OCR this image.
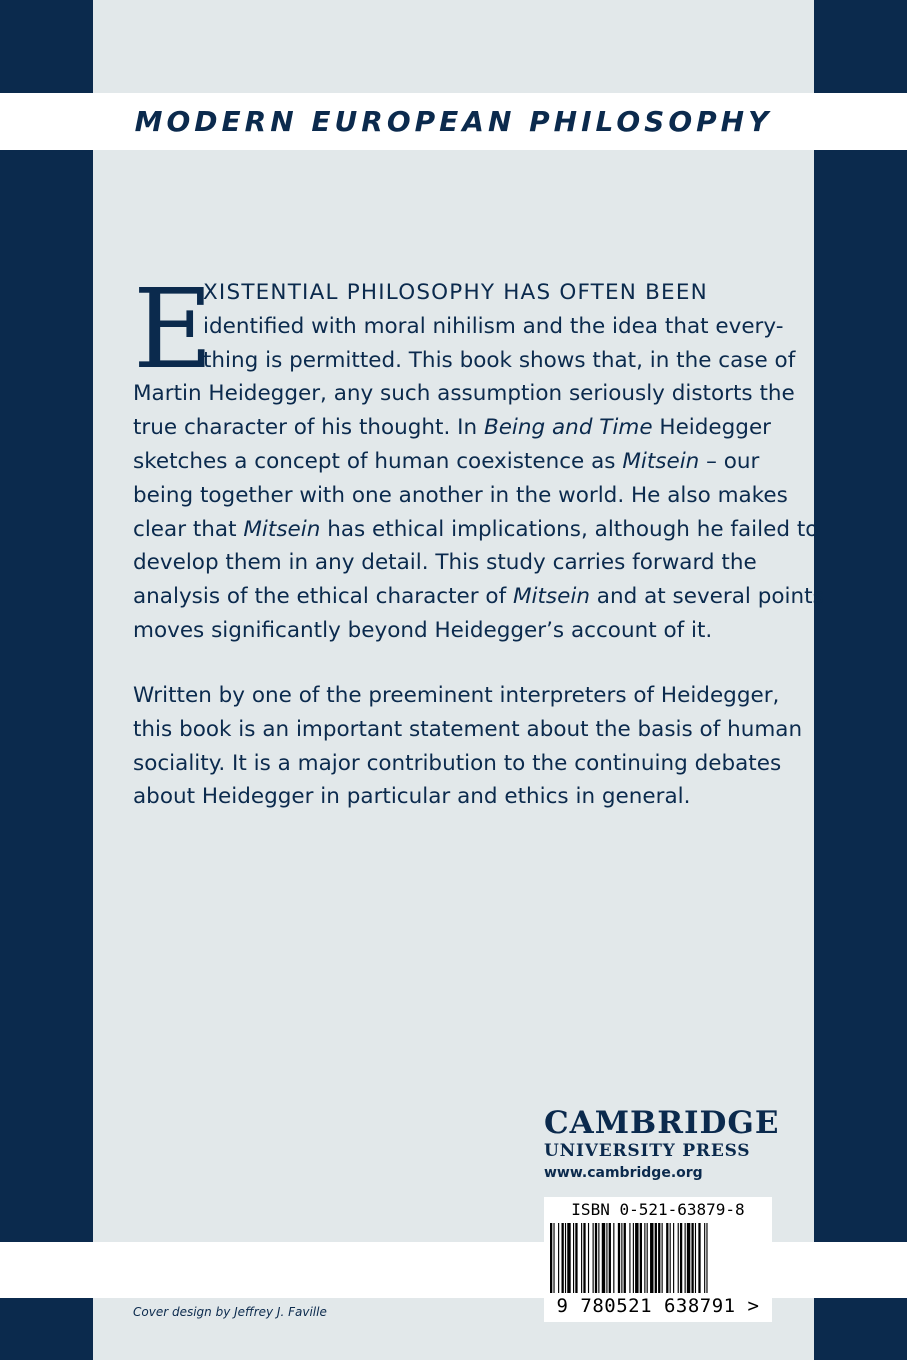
MODERN EUROPEAN PHILOSOPHY
E
XISTENTIAL PHILOSOPHY HAS OFTEN BEEN
identified with moral nihilism and the idea that every-
thing is permitted. This book shows that, in the case of
Martin Heidegger, any such assumption seriously distorts the
true character of his thought. In Being and Time Heidegger
sketches a concept of human coexistence as Mitsein – our
being together with one another in the world. He also makes
clear that Mitsein has ethical implications, although he failed to
develop them in any detail. This study carries forward the
analysis of the ethical character of Mitsein and at several points
moves significantly beyond Heidegger’s account of it.
Written by one of the preeminent interpreters of Heidegger,
this book is an important statement about the basis of human
sociality. It is a major contribution to the continuing debates
about Heidegger in particular and ethics in general.
CAMBRIDGE
UNIVERSITY PRESS
www.cambridge.org
ISBN 0-521-63879-8
9 780521 638791 >
Cover design by Jeffrey J. Faville
